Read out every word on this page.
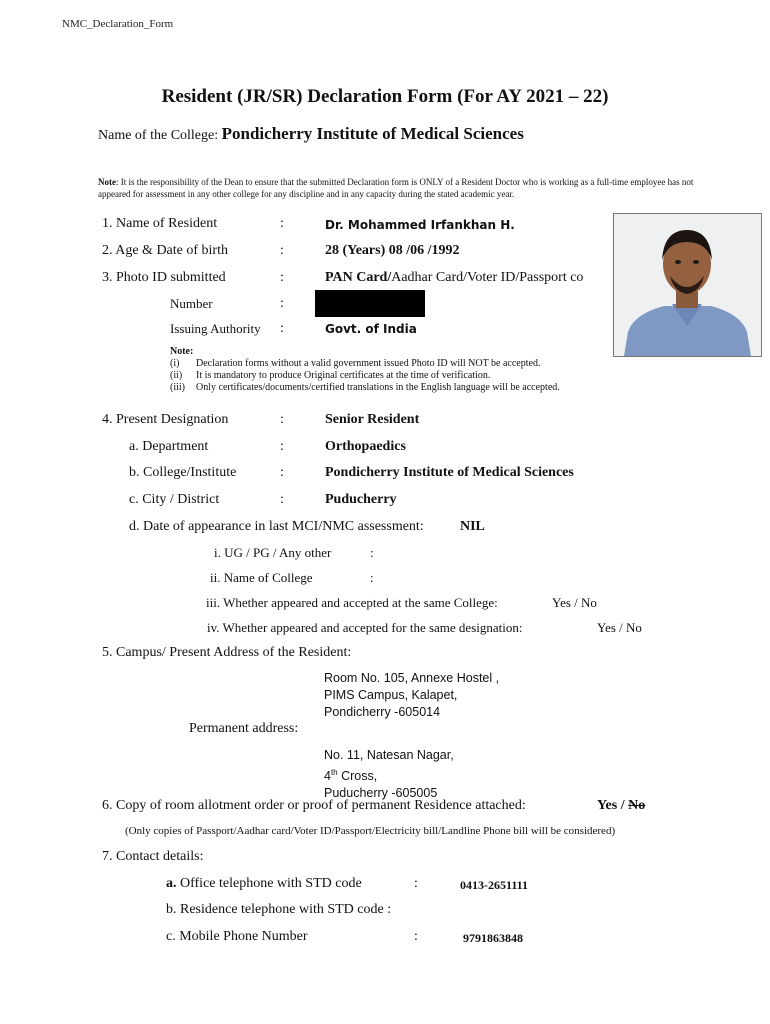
NMC_Declaration_Form
Resident (JR/SR) Declaration Form (For AY 2021 – 22)
Name of the College: Pondicherry Institute of Medical Sciences
Note: It is the responsibility of the Dean to ensure that the submitted Declaration form is ONLY of a Resident Doctor who is working as a full-time employee has not appeared for assessment in any other college for any discipline and in any capacity during the stated academic year.
1. Name of Resident	:	Dr. Mohammed Irfankhan H.
2. Age & Date of birth	:	28 (Years) 08 /06 /1992
3. Photo ID submitted	:	PAN Card/Aadhar Card/Voter ID/Passport co
Number	:
Issuing Authority :	Govt. of India
Note:
(i) Declaration forms without a valid government issued Photo ID will NOT be accepted.
(ii) It is mandatory to produce Original certificates at the time of verification.
(iii) Only certificates/documents/certified translations in the English language will be accepted.
4. Present Designation	:	Senior Resident
a. Department	:	Orthopaedics
b. College/Institute	:	Pondicherry Institute of Medical Sciences
c. City / District	:	Puducherry
d. Date of appearance in last MCI/NMC assessment:	NIL
i. UG / PG / Any other	:
ii. Name of College	:
iii. Whether appeared and accepted at the same College:	Yes / No
iv. Whether appeared and accepted for the same designation:	Yes / No
5. Campus/ Present Address of the Resident:
Room No. 105, Annexe Hostel ,
PIMS Campus, Kalapet,
Pondicherry -605014
Permanent address:
No. 11, Natesan Nagar,
4th Cross,
Puducherry -605005
6. Copy of room allotment order or proof of permanent Residence attached:	Yes / No
(Only copies of Passport/Aadhar card/Voter ID/Passport/Electricity bill/Landline Phone bill will be considered)
7. Contact details:
a. Office telephone with STD code	:	0413-2651111
b. Residence telephone with STD code :
c. Mobile Phone Number	:	9791863848
